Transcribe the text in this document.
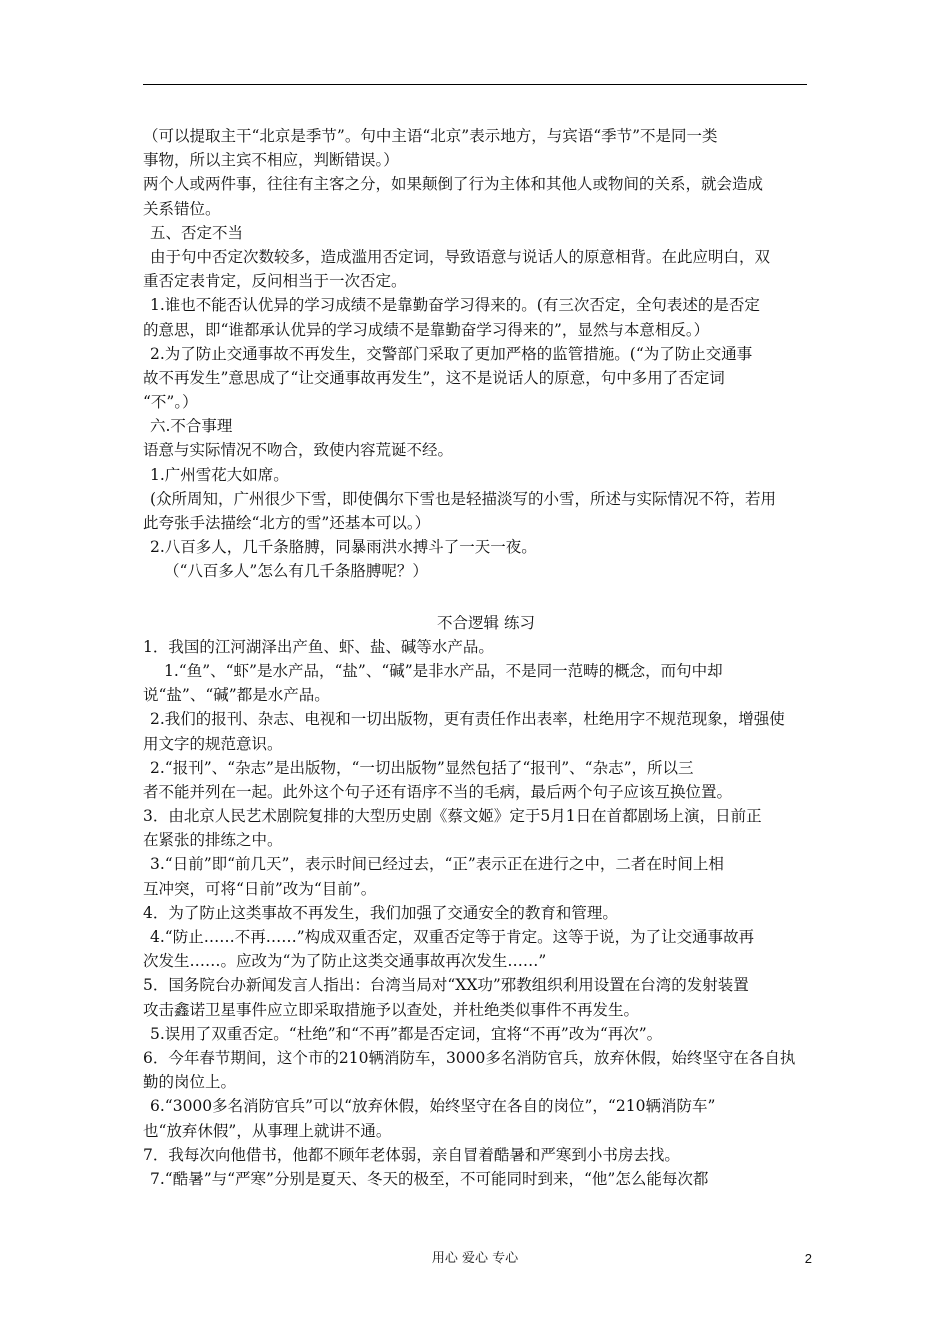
（可以提取主干“北京是季节”。句中主语“北京”表示地方，与宾语“季节”不是同一类
事物，所以主宾不相应，判断错误。）
两个人或两件事，往往有主客之分，如果颠倒了行为主体和其他人或物间的关系，就会造成
关系错位。
五、否定不当
由于句中否定次数较多，造成滥用否定词，导致语意与说话人的原意相背。在此应明白，双
重否定表肯定，反问相当于一次否定。
1.谁也不能否认优异的学习成绩不是靠勤奋学习得来的。(有三次否定，全句表述的是否定
的意思，即“谁都承认优异的学习成绩不是靠勤奋学习得来的”，显然与本意相反。）
2.为了防止交通事故不再发生，交警部门采取了更加严格的监管措施。(“为了防止交通事
故不再发生”意思成了“让交通事故再发生”，这不是说话人的原意，句中多用了否定词
“不”。）
六.不合事理
语意与实际情况不吻合，致使内容荒诞不经。
1.广州雪花大如席。
(众所周知，广州很少下雪，即使偶尔下雪也是轻描淡写的小雪，所述与实际情况不符，若用
此夸张手法描绘“北方的雪”还基本可以。）
2.八百多人，几千条胳膊，同暴雨洪水搏斗了一天一夜。
（“八百多人”怎么有几千条胳膊呢？）
不合逻辑 练习
1．我国的江河湖泽出产鱼、虾、盐、碱等水产品。
1.“鱼”、“虾”是水产品，“盐”、“碱”是非水产品，不是同一范畴的概念，而句中却
说“盐”、“碱”都是水产品。
2.我们的报刊、杂志、电视和一切出版物，更有责任作出表率，杜绝用字不规范现象，增强使
用文字的规范意识。
2.“报刊”、“杂志”是出版物，“一切出版物”显然包括了“报刊”、“杂志”，所以三
者不能并列在一起。此外这个句子还有语序不当的毛病，最后两个句子应该互换位置。
3．由北京人民艺术剧院复排的大型历史剧《蔡文姬》定于5月1日在首都剧场上演，日前正
在紧张的排练之中。
3.“日前”即“前几天”，表示时间已经过去，“正”表示正在进行之中，二者在时间上相
互冲突，可将“日前”改为“目前”。
4．为了防止这类事故不再发生，我们加强了交通安全的教育和管理。
4.“防止……不再……”构成双重否定，双重否定等于肯定。这等于说，为了让交通事故再
次发生……。应改为“为了防止这类交通事故再次发生……”
5．国务院台办新闻发言人指出：台湾当局对“XX功”邪教组织利用设置在台湾的发射装置
攻击鑫诺卫星事件应立即采取措施予以查处，并杜绝类似事件不再发生。
5.误用了双重否定。“杜绝”和“不再”都是否定词，宜将“不再”改为“再次”。
6．今年春节期间，这个市的210辆消防车，3000多名消防官兵，放弃休假，始终坚守在各自执
勤的岗位上。
6.“3000多名消防官兵”可以“放弃休假，始终坚守在各自的岗位”，“210辆消防车”
也“放弃休假”，从事理上就讲不通。
7．我每次向他借书，他都不顾年老体弱，亲自冒着酷暑和严寒到小书房去找。
7.“酷暑”与“严寒”分别是夏天、冬天的极至，不可能同时到来，“他”怎么能每次都
用心 爱心 专心	2
